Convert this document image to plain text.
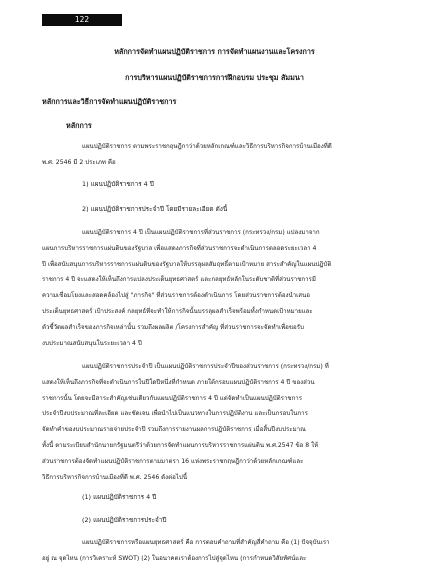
122
หลักการจัดทำแผนปฏิบัติราชการ การจัดทำแผนงานและโครงการ
การบริหารแผนปฏิบัติราชการการฝึกอบรม ประชุม สัมมนา
หลักการและวิธีการจัดทำแผนปฏิบัติราชการ
หลักการ

แผนปฏิบัติราชการ ตามพระราชกฤษฎีกาว่าด้วยหลักเกณฑ์และวิธีการบริหารกิจการบ้านเมืองที่ดี
พ.ศ. 2546 มี 2 ประเภท คือ

1) แผนปฏิบัติราชการ 4 ปี

2) แผนปฏิบัติราชการประจำปี โดยมีรายละเอียด ดังนี้

แผนปฏิบัติราชการ 4 ปี เป็นแผนปฏิบัติราชการที่ส่วนราชการ (กระทรวง/กรม) แปลงมาจาก
แผนการบริหารราชการแผ่นดินของรัฐบาล เพื่อแสดงภารกิจที่ส่วนราชการจะดำเนินการตลอดระยะเวลา 4
ปี เพื่อสนับสนุนการบริหารราชการแผ่นดินของรัฐบาลให้บรรลุผลสัมฤทธิ์ตามเป้าหมาย สาระสำคัญในแผนปฏิบัติ
ราชการ 4 ปี จะแสดงให้เห็นถึงการแปลงประเด็นยุทธศาสตร์ และกลยุทธ์หลักในระดับชาติที่ส่วนราชการมี
ความเชื่อมโยงและสอดคล้องไปสู่ "ภารกิจ" ที่ส่วนราชการต้องดำเนินการ โดยส่วนราชการต้องนำเสนอ
ประเด็นยุทธศาสตร์ เป้าประสงค์ กลยุทธ์ที่จะทำให้การกิจนั้นบรรลุผลสำเร็จพร้อมทั้งกำหนดเป้าหมายและ
ตัวชี้วัดผลสำเร็จของภารกิจเหล่านั้น รวมถึงผลผลิต /โครงการสำคัญ ที่ส่วนราชการจะจัดทำเพื่อขอรับ
งบประมาณสนับสนุนในระยะเวลา 4 ปี

แผนปฏิบัติราชการประจำปี เป็นแผนปฏิบัติราชการประจำปีของส่วนราชการ (กระทรวง/กรม) ที่
แสดงให้เห็นถึงภารกิจที่จะดำเนินการในปีใดปีหนึ่งที่กำหนด ภายใต้กรอบแผนปฏิบัติราชการ 4 ปี ของส่วน
ราชการนั้น โดยจะมีสาระสำคัญเช่นเดียวกับแผนปฏิบัติราชการ 4 ปี แต่จัดทำเป็นแผนปฏิบัติราชการ
ประจำปีงบประมาณที่ละเอียด และชัดเจน เพื่อนำไปเป็นแนวทางในการปฏิบัติงาน และเป็นกรอบในการ
จัดทำคำของบประมาณรายจ่ายประจำปี รวมถึงการรายงานผลการปฏิบัติราชการ เมื่อสิ้นปีงบประมาณ
ทั้งนี้ ตามระเบียบสำนักนายกรัฐมนตรีว่าด้วยการจัดทำแผนการบริหารราชการแผ่นดิน พ.ศ.2547 ข้อ 8 ให้
ส่วนราชการต้องจัดทำแผนปฏิบัติราชการตามมาตรา 16 แห่งพระราชกฤษฎีกาว่าด้วยหลักเกณฑ์และ
วิธีการบริหารกิจการบ้านเมืองที่ดี พ.ศ. 2546 ดังต่อไปนี้

(1) แผนปฏิบัติราชการ 4 ปี

(2) แผนปฏิบัติราชการประจำปี

แผนปฏิบัติราชการหรือแผนยุทธศาสตร์ คือ การตอบคำถามที่สำคัญสี่คำถาม คือ (1) ปัจจุบันเรา
อยู่ ณ จุดไหน (การวิเคราะห์ SWOT) (2) ในอนาคตเราต้องการไปสู่จุดไหน (การกำหนดวิสัยทัศน์และ
